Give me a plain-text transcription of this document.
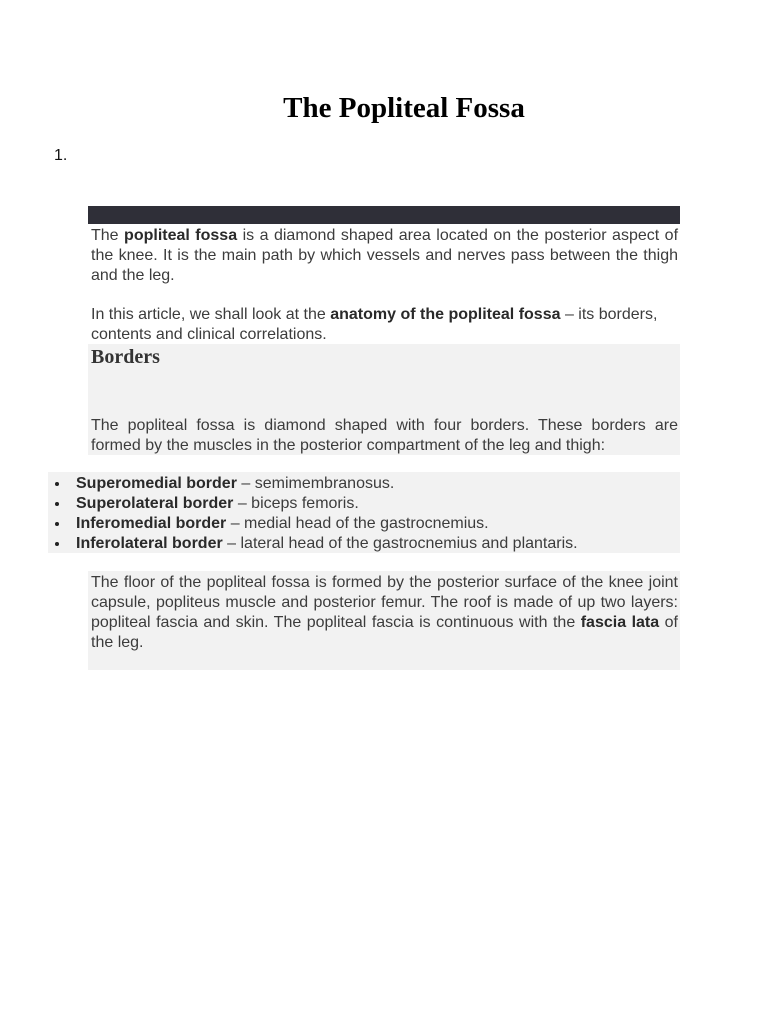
The Popliteal Fossa
1.

The popliteal fossa is a diamond shaped area located on the posterior aspect of the knee. It is the main path by which vessels and nerves pass between the thigh and the leg.

In this article, we shall look at the anatomy of the popliteal fossa – its borders, contents and clinical correlations.

Borders

The popliteal fossa is diamond shaped with four borders. These borders are formed by the muscles in the posterior compartment of the leg and thigh:

Superomedial border – semimembranosus.
Superolateral border – biceps femoris.
Inferomedial border – medial head of the gastrocnemius.
Inferolateral border – lateral head of the gastrocnemius and plantaris.

The floor of the popliteal fossa is formed by the posterior surface of the knee joint capsule, popliteus muscle and posterior femur. The roof is made of up two layers: popliteal fascia and skin. The popliteal fascia is continuous with the fascia lata of the leg.
